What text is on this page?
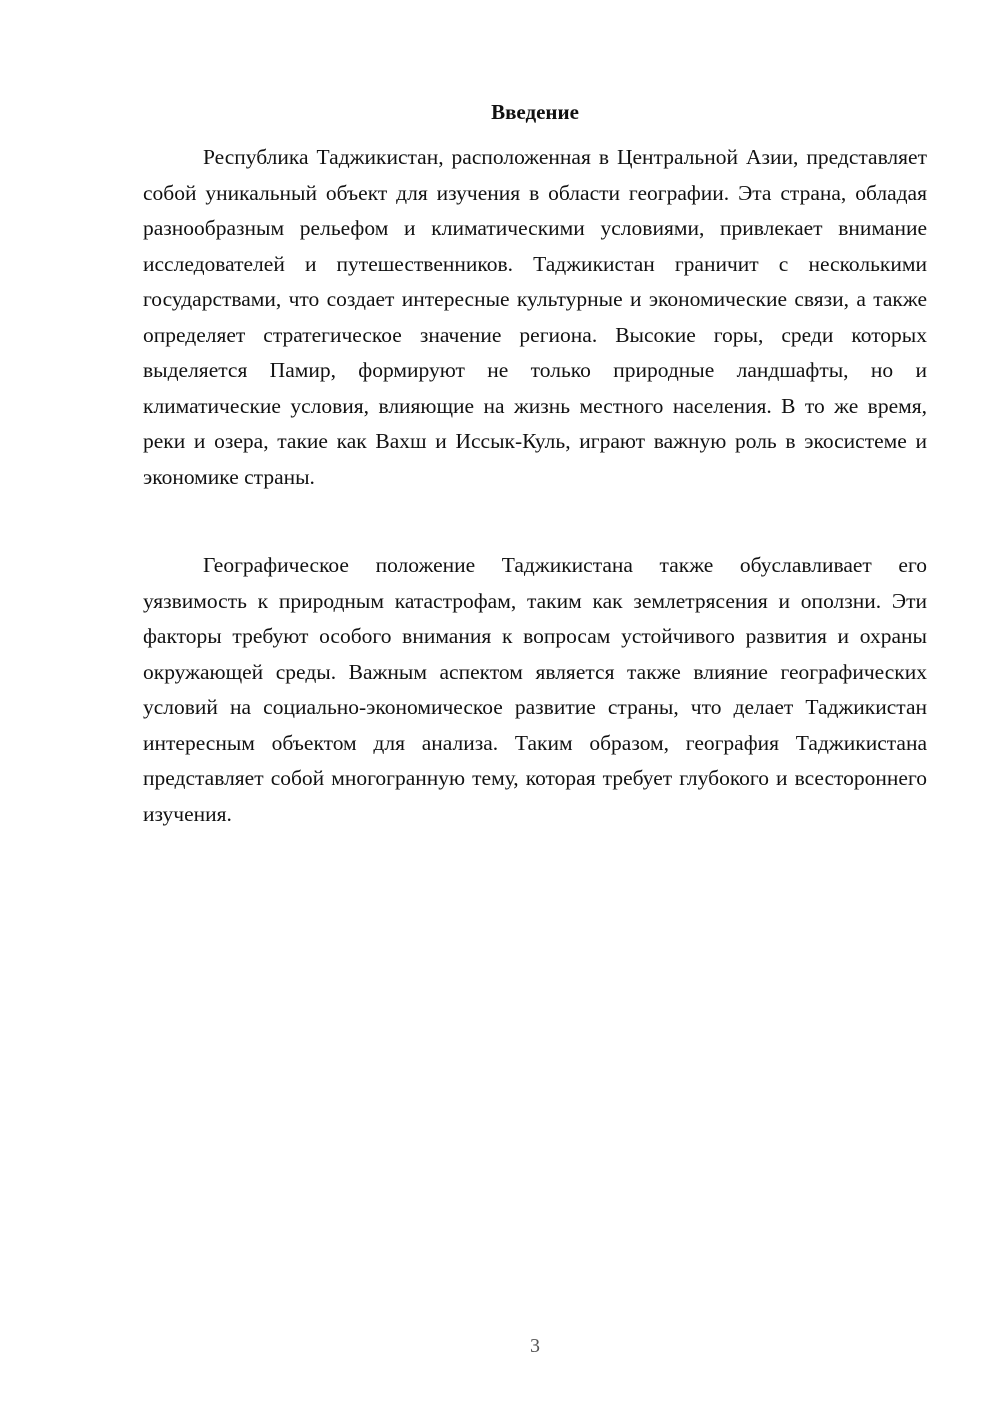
Введение

Республика Таджикистан, расположенная в Центральной Азии, представляет собой уникальный объект для изучения в области географии. Эта страна, обладая разнообразным рельефом и климатическими условиями, привлекает внимание исследователей и путешественников. Таджикистан граничит с несколькими государствами, что создает интересные культурные и экономические связи, а также определяет стратегическое значение региона. Высокие горы, среди которых выделяется Памир, формируют не только природные ландшафты, но и климатические условия, влияющие на жизнь местного населения. В то же время, реки и озера, такие как Вахш и Иссык-Куль, играют важную роль в экосистеме и экономике страны.

Географическое положение Таджикистана также обуславливает его уязвимость к природным катастрофам, таким как землетрясения и оползни. Эти факторы требуют особого внимания к вопросам устойчивого развития и охраны окружающей среды. Важным аспектом является также влияние географических условий на социально-экономическое развитие страны, что делает Таджикистан интересным объектом для анализа. Таким образом, география Таджикистана представляет собой многогранную тему, которая требует глубокого и всестороннего изучения.

3
